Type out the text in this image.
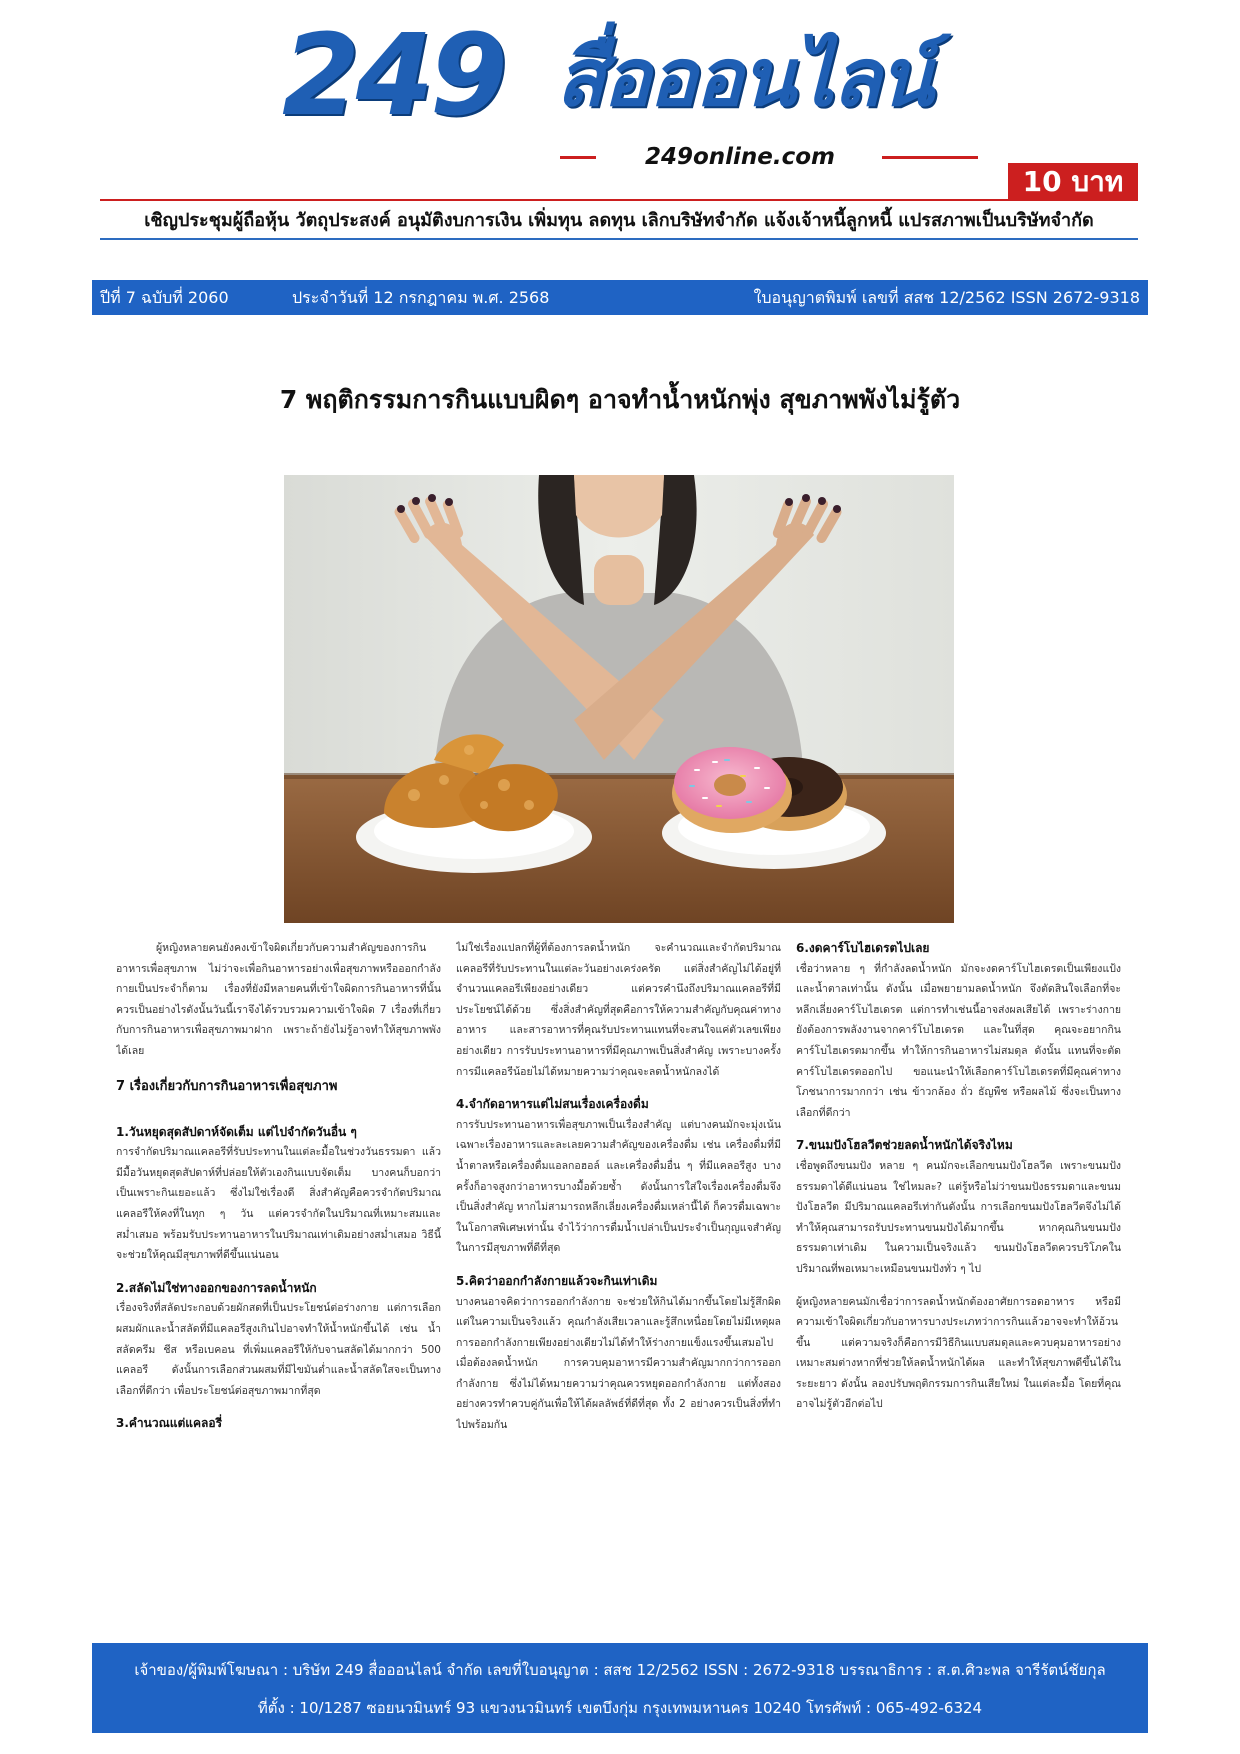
249 สื่อออนไลน์
249online.com
10 บาท
เชิญประชุมผู้ถือหุ้น วัตถุประสงค์ อนุมัติงบการเงิน เพิ่มทุน ลดทุน เลิกบริษัทจำกัด แจ้งเจ้าหนี้ลูกหนี้ แปรสภาพเป็นบริษัทจำกัด
ปีที่ 7 ฉบับที่ 2060	ประจำวันที่ 12 กรกฎาคม พ.ศ. 2568	ใบอนุญาตพิมพ์ เลขที่ สสช 12/2562 ISSN 2672-9318
7 พฤติกรรมการกินแบบผิดๆ อาจทำน้ำหนักพุ่ง สุขภาพพังไม่รู้ตัว

ผู้หญิงหลายคนยังคงเข้าใจผิดเกี่ยวกับความสำคัญของการกินอาหารเพื่อสุขภาพ ไม่ว่าจะเพื่อกินอาหารอย่างเพื่อสุขภาพหรือออกกำลังกายเป็นประจำก็ตาม เรื่องที่ยังมีหลายคนที่เข้าใจผิดการกินอาหารที่นั้นควรเป็นอย่างไรดังนั้นวันนี้เราจึงได้รวบรวมความเข้าใจผิด 7 เรื่องที่เกี่ยวกับการกินอาหารเพื่อสุขภาพมาฝาก เพราะถ้ายังไม่รู้อาจทำให้สุขภาพพังได้เลย

7 เรื่องเกี่ยวกับการกินอาหารเพื่อสุขภาพ
1.วันหยุดสุดสัปดาห์จัดเต็ม แต่ไปจำกัดวันอื่น ๆ

การจำกัดปริมาณแคลอรีที่รับประทานในแต่ละมื้อในช่วงวันธรรมดา แล้วมีมื้อวันหยุดสุดสัปดาห์ที่ปล่อยให้ตัวเองกินแบบจัดเต็ม บางคนก็บอกว่าเป็นเพราะกินเยอะแล้ว ซึ่งไม่ใช่เรื่องดี สิ่งสำคัญคือควรจำกัดปริมาณแคลอรีให้คงที่ในทุก ๆ วัน แต่ควรจำกัดในปริมาณที่เหมาะสมและสม่ำเสมอ พร้อมรับประทานอาหารในปริมาณเท่าเดิมอย่างสม่ำเสมอ วิธีนี้จะช่วยให้คุณมีสุขภาพที่ดีขึ้นแน่นอน

2.สลัดไม่ใช่ทางออกของการลดน้ำหนัก

เรื่องจริงที่สลัดประกอบด้วยผักสดที่เป็นประโยชน์ต่อร่างกาย แต่การเลือกผสมผักและน้ำสลัดที่มีแคลอรีสูงเกินไปอาจทำให้น้ำหนักขึ้นได้ เช่น น้ำสลัดครีม ชีส หรือเบคอน ที่เพิ่มแคลอรีให้กับจานสลัดได้มากกว่า 500 แคลอรี ดังนั้นการเลือกส่วนผสมที่มีไขมันต่ำและน้ำสลัดใสจะเป็นทางเลือกที่ดีกว่า เพื่อประโยชน์ต่อสุขภาพมากที่สุด

3.คำนวณแต่แคลอรี่

ไม่ใช่เรื่องแปลกที่ผู้ที่ต้องการลดน้ำหนัก จะคำนวณและจำกัดปริมาณแคลอรีที่รับประทานในแต่ละวันอย่างเคร่งครัด แต่สิ่งสำคัญไม่ได้อยู่ที่จำนวนแคลอรีเพียงอย่างเดียว แต่ควรคำนึงถึงปริมาณแคลอรีที่มีประโยชน์ได้ด้วย ซึ่งสิ่งสำคัญที่สุดคือการให้ความสำคัญกับคุณค่าทางอาหาร และสารอาหารที่คุณรับประทานแทนที่จะสนใจแค่ตัวเลขเพียงอย่างเดียว การรับประทานอาหารที่มีคุณภาพเป็นสิ่งสำคัญ เพราะบางครั้งการมีแคลอรีน้อยไม่ได้หมายความว่าคุณจะลดน้ำหนักลงได้

4.จำกัดอาหารแต่ไม่สนเรื่องเครื่องดื่ม

การรับประทานอาหารเพื่อสุขภาพเป็นเรื่องสำคัญ แต่บางคนมักจะมุ่งเน้นเฉพาะเรื่องอาหารและละเลยความสำคัญของเครื่องดื่ม เช่น เครื่องดื่มที่มีน้ำตาลหรือเครื่องดื่มแอลกอฮอล์ และเครื่องดื่มอื่น ๆ ที่มีแคลอรีสูง บางครั้งก็อาจสูงกว่าอาหารบางมื้อด้วยซ้ำ ดังนั้นการใส่ใจเรื่องเครื่องดื่มจึงเป็นสิ่งสำคัญ หากไม่สามารถหลีกเลี่ยงเครื่องดื่มเหล่านี้ได้ ก็ควรดื่มเฉพาะในโอกาสพิเศษเท่านั้น จำไว้ว่าการดื่มน้ำเปล่าเป็นประจำเป็นกุญแจสำคัญในการมีสุขภาพที่ดีที่สุด

5.คิดว่าออกกำลังกายแล้วจะกินเท่าเดิม

บางคนอาจคิดว่าการออกกำลังกาย จะช่วยให้กินได้มากขึ้นโดยไม่รู้สึกผิด แต่ในความเป็นจริงแล้ว คุณกำลังเสียเวลาและรู้สึกเหนื่อยโดยไม่มีเหตุผล การออกกำลังกายเพียงอย่างเดียวไม่ได้ทำให้ร่างกายแข็งแรงขึ้นเสมอไป เมื่อต้องลดน้ำหนัก การควบคุมอาหารมีความสำคัญมากกว่าการออกกำลังกาย ซึ่งไม่ได้หมายความว่าคุณควรหยุดออกกำลังกาย แต่ทั้งสองอย่างควรทำควบคู่กันเพื่อให้ได้ผลลัพธ์ที่ดีที่สุด ทั้ง 2 อย่างควรเป็นสิ่งที่ทำไปพร้อมกัน

6.งดคาร์โบไฮเดรตไปเลย

เชื่อว่าหลาย ๆ ที่กำลังลดน้ำหนัก มักจะงดคาร์โบไฮเดรตเป็นเพียงแป้ง และน้ำตาลเท่านั้น ดังนั้น เมื่อพยายามลดน้ำหนัก จึงตัดสินใจเลือกที่จะหลีกเลี่ยงคาร์โบไฮเดรต แต่การทำเช่นนี้อาจส่งผลเสียได้ เพราะร่างกายยังต้องการพลังงานจากคาร์โบไฮเดรต และในที่สุด คุณจะอยากกินคาร์โบไฮเดรตมากขึ้น ทำให้การกินอาหารไม่สมดุล ดังนั้น แทนที่จะตัดคาร์โบไฮเดรตออกไป ขอแนะนำให้เลือกคาร์โบไฮเดรตที่มีคุณค่าทางโภชนาการมากกว่า เช่น ข้าวกล้อง ถั่ว ธัญพืช หรือผลไม้ ซึ่งจะเป็นทางเลือกที่ดีกว่า

7.ขนมปังโฮลวีตช่วยลดน้ำหนักได้จริงไหม

เชื่อพูดถึงขนมปัง หลาย ๆ คนมักจะเลือกขนมปังโฮลวีต เพราะขนมปังธรรมดาได้ดีแน่นอน ใช่ไหมละ? แต่รู้หรือไม่ว่าขนมปังธรรมดาและขนมปังโฮลวีต มีปริมาณแคลอรีเท่ากันดังนั้น การเลือกขนมปังโฮลวีตจึงไม่ได้ทำให้คุณสามารถรับประทานขนมปังได้มากขึ้น หากคุณกินขนมปังธรรมดาเท่าเดิม ในความเป็นจริงแล้ว ขนมปังโฮลวีตควรบริโภคในปริมาณที่พอเหมาะเหมือนขนมปังทั่ว ๆ ไป

ผู้หญิงหลายคนมักเชื่อว่าการลดน้ำหนักต้องอาศัยการอดอาหาร หรือมีความเข้าใจผิดเกี่ยวกับอาหารบางประเภทว่าการกินแล้วอาจจะทำให้อ้วนขึ้น แต่ความจริงก็คือการมีวิธีกินแบบสมดุลและควบคุมอาหารอย่างเหมาะสมต่างหากที่ช่วยให้ลดน้ำหนักได้ผล และทำให้สุขภาพดีขึ้นได้ในระยะยาว ดังนั้น ลองปรับพฤติกรรมการกินเสียใหม่ ในแต่ละมื้อ โดยที่คุณอาจไม่รู้ตัวอีกต่อไป

เจ้าของ/ผู้พิมพ์โฆษณา : บริษัท 249 สื่อออนไลน์ จำกัด เลขที่ใบอนุญาต : สสช 12/2562 ISSN : 2672-9318 บรรณาธิการ : ส.ต.ศิวะพล จารีรัตน์ชัยกุล
ที่ตั้ง : 10/1287 ซอยนวมินทร์ 93 แขวงนวมินทร์ เขตบึงกุ่ม กรุงเทพมหานคร 10240 โทรศัพท์ : 065-492-6324
